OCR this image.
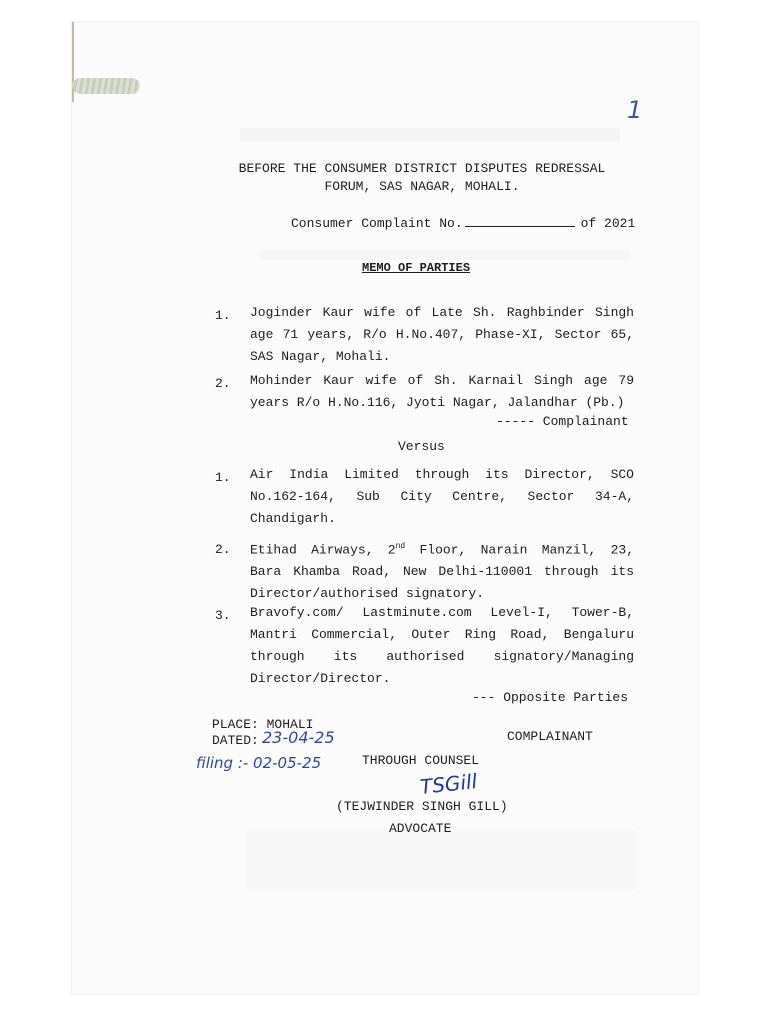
1
BEFORE THE CONSUMER DISTRICT DISPUTES REDRESSAL
FORUM, SAS NAGAR, MOHALI.
Consumer Complaint No.	of 2021
MEMO OF PARTIES
1. Joginder Kaur wife of Late Sh. Raghbinder Singh age 71 years, R/o H.No.407, Phase-XI, Sector 65, SAS Nagar, Mohali.
2. Mohinder Kaur wife of Sh. Karnail Singh age 79 years R/o H.No.116, Jyoti Nagar, Jalandhar (Pb.)
----- Complainant
Versus
1. Air India Limited through its Director, SCO No.162-164, Sub City Centre, Sector 34-A, Chandigarh.
2. Etihad Airways, 2nd Floor, Narain Manzil, 23, Bara Khamba Road, New Delhi-110001 through its Director/authorised signatory.
3. Bravofy.com/ Lastminute.com Level-I, Tower-B, Mantri Commercial, Outer Ring Road, Bengaluru through its authorised signatory/Managing Director/Director.
--- Opposite Parties
PLACE: MOHALI
DATED: 23-04-25	COMPLAINANT
filing :- 02-05-25	THROUGH COUNSEL
TSGill
(TEJWINDER SINGH GILL)
ADVOCATE
